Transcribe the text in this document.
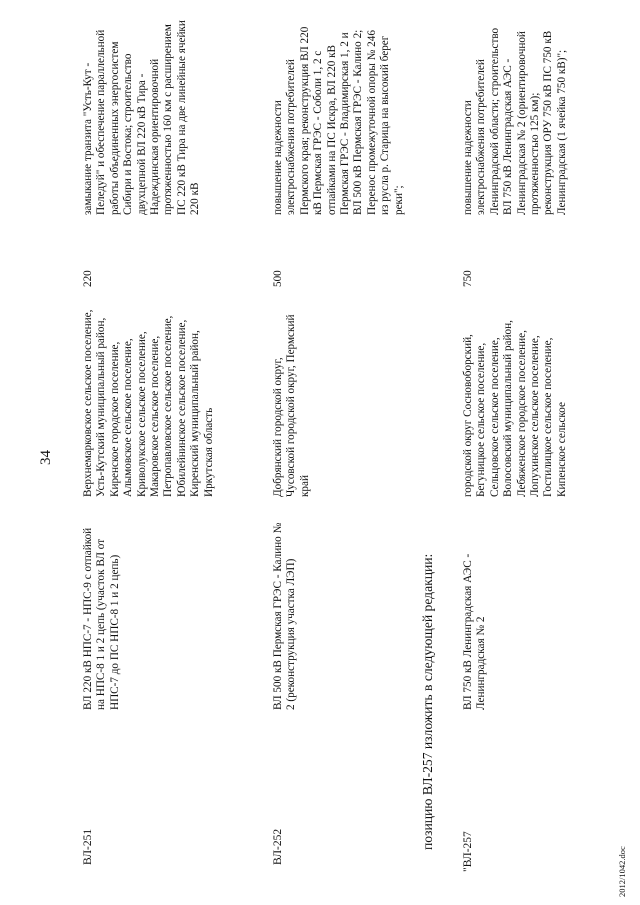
34
ВЛ-251
ВЛ 220 кВ НПС-7 - НПС-9 с отпайкой на НПС-8 1 и 2 цепь (участок ВЛ от НПС-7 до ПС НПС-8 1 и 2 цепь)
Верхнемарковское сельское поселение, Усть-Кутский муниципальный район, Киренское городское поселение, Алымовское сельское поселение, Криволукское сельское поселение, Макаровское сельское поселение, Петропавловское сельское поселение, Юбилейнинское сельское поселение, Киренский муниципальный район, Иркутская область
220
замыкание транзита "Усть-Кут - Пеледуй" и обеспечение параллельной работы объединенных энергосистем Сибири и Востока; строительство двухцепной ВЛ 220 кВ Тира - Надеждинская ориентировочной протяженностью 160 км с расширением ПС 220 кВ Тира на две линейные ячейки 220 кВ
ВЛ-252
ВЛ 500 кВ Пермская ГРЭС - Калино № 2 (реконструкция участка ЛЭП)
Добрянский городской округ, Чусовской городской округ, Пермский край
500
повышение надежности электроснабжения потребителей Пермского края; реконструкция ВЛ 220 кВ Пермская ГРЭС - Соболи 1, 2 с отпайками на ПС Искра, ВЛ 220 кВ Пермская ГРЭС - Владимирская 1, 2 и ВЛ 500 кВ Пермская ГРЭС - Калино 2; Перенос промежуточной опоры № 246 из русла р. Старица на высокий берег реки";
позицию ВЛ-257 изложить в следующей редакции:
"ВЛ-257
ВЛ 750 кВ Ленинградская АЭС - Ленинградская № 2
городской округ Сосновоборский, Бегуницкое сельское поселение, Сельцовское сельское поселение, Волосовский муниципальный район, Лебяженское городское поселение, Лопухинское сельское поселение, Гостилицкое сельское поселение, Кипенское сельское
750
повышение надежности электроснабжения потребителей Ленинградской области; строительство ВЛ 750 кВ Ленинградская АЭС - Ленинградская № 2 (ориентировочной протяженностью 125 км); реконструкция ОРУ 750 кВ ПС 750 кВ Ленинградская (1 ячейка 750 кВ)";
2012/1042.doc
